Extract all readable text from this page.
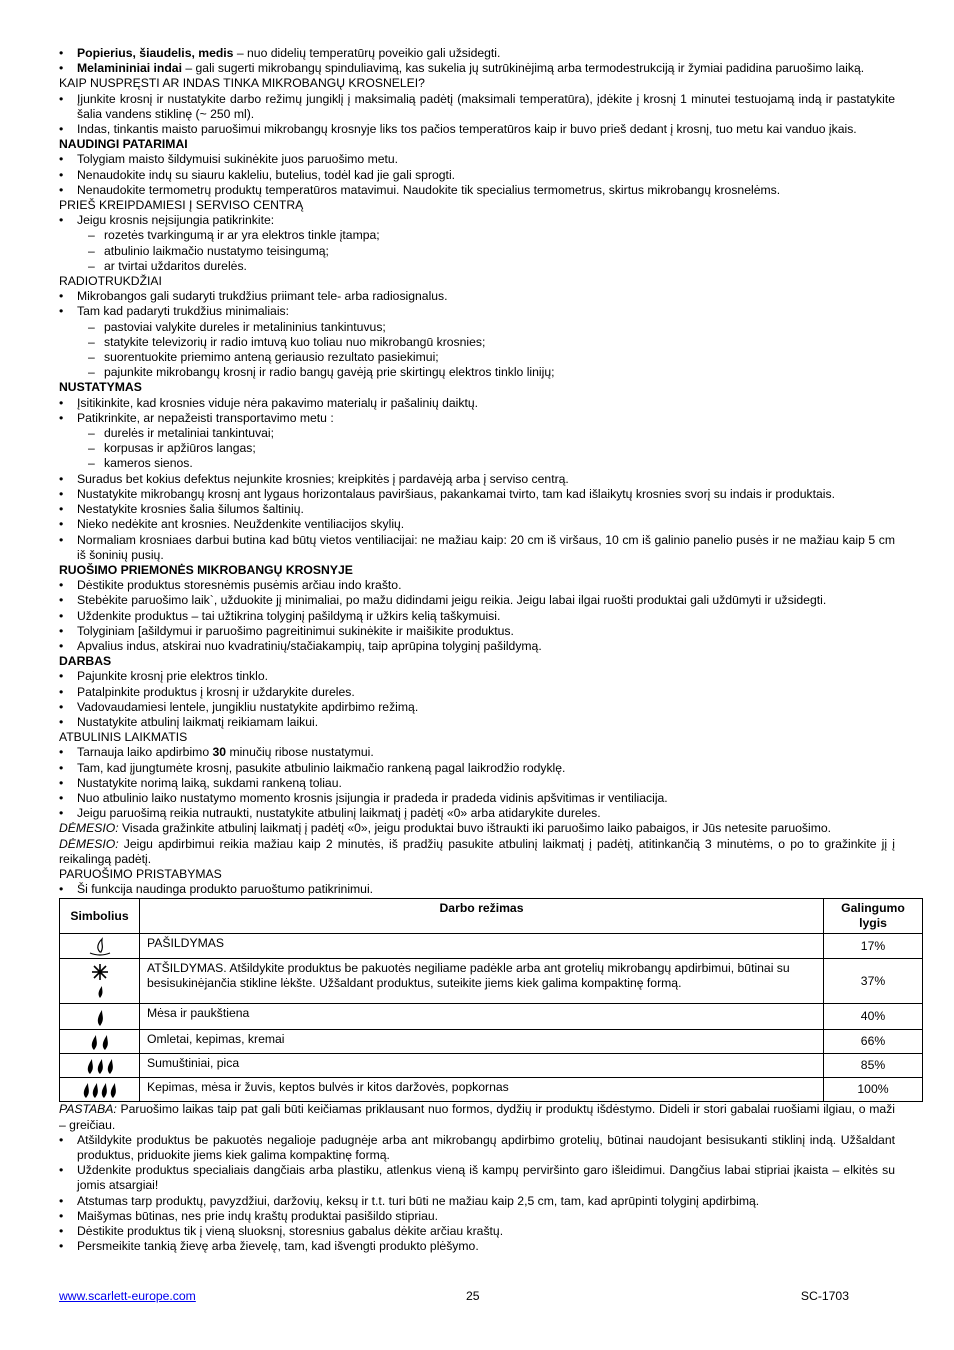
• Popierius, šiaudelis, medis – nuo didelių temperatūrų poveikio gali užsidegti.
• Melamininiai indai – gali sugerti mikrobangų spinduliavimą, kas sukelia jų sutrūkinėjimą arba termodestrukciją ir žymiai padidina paruošimo laiką.
KAIP NUSPRĘSTI AR INDAS TINKA MIKROBANGŲ KROSNELEI?
• Įjunkite krosnį ir nustatykite darbo režimų jungiklį į maksimalią padėtį (maksimali temperatūra), įdėkite į krosnį 1 minutei testuojamą indą ir pastatykite šalia vandens stiklinę (~ 250 ml).
• Indas, tinkantis maisto paruošimui mikrobangų krosnyje liks tos pačios temperatūros kaip ir buvo prieš dedant į krosnį, tuo metu kai vanduo įkais.
NAUDINGI PATARIMAI
• Tolygiam maisto šildymuisi sukinėkite juos paruošimo metu.
• Nenaudokite indų su siauru kakleliu, butelius, todėl kad jie gali sprogti.
• Nenaudokite termometrų produktų temperatūros matavimui. Naudokite tik specialius termometrus, skirtus mikrobangų krosnelėms.
PRIEŠ KREIPDAMIESI Į SERVISO CENTRĄ
• Jeigu krosnis neįsijungia patikrinkite:
– rozetės tvarkingumą ir ar yra elektros tinkle įtampa;
– atbulinio laikmačio nustatymo teisingumą;
– ar tvirtai uždaritos durelės.
RADIOTRUKDŽIAI
• Mikrobangos gali sudaryti trukdžius priimant tele- arba radiosignalus.
• Tam kad padaryti trukdžius minimaliais:
– pastoviai valykite dureles ir metalininius tankintuvus;
– statykite televizorių ir radio imtuvą kuo toliau nuo mikrobangū krosnies;
– suorentuokite priemimo anteną geriausio rezultato pasiekimui;
– pajunkite mikrobangų krosnį ir radio bangų gavėją prie skirtingų elektros tinklo linijų;
NUSTATYMAS
• Įsitikinkite, kad krosnies viduje nėra pakavimo materialų ir pašalinių daiktų.
• Patikrinkite, ar nepažeisti transportavimo metu :
– durelės ir metaliniai tankintuvai;
– korpusas ir apžiūros langas;
– kameros sienos.
• Suradus bet kokius defektus nejunkite krosnies; kreipkitės į pardavėją arba į serviso centrą.
• Nustatykite mikrobangų krosnį ant lygaus horizontalaus paviršiaus, pakankamai tvirto, tam kad išlaikytų krosnies svorį su indais ir produktais.
• Nestatykite krosnies šalia šilumos šaltinių.
• Nieko nedėkite ant krosnies. Neuždenkite ventiliacijos skylių.
• Normaliam krosniaes darbui butina kad būtų vietos ventiliacijai: ne mažiau kaip: 20 cm iš viršaus, 10 cm iš galinio panelio pusės ir ne mažiau kaip 5 cm iš šoninių pusių.
RUOŠIMO PRIEMONĖS MIKROBANGŲ KROSNYJE
• Dėstikite produktus storesnėmis pusėmis arčiau indo krašto.
• Stebėkite paruošimo laik`, užduokite jį minimaliai, po mažu didindami jeigu reikia. Jeigu labai ilgai ruošti produktai gali uždūmyti ir užsidegti.
• Uždenkite produktus – tai užtikrina tolyginį pašildymą ir užkirs kelią taškymuisi.
• Tolyginiam [ašildymui ir paruošimo pagreitinimui sukinėkite ir maišikite produktus.
• Apvalius indus, atskirai nuo kvadratinių/stačiakampių, taip aprūpina tolyginį pašildymą.
DARBAS
• Pajunkite krosnį prie elektros tinklo.
• Patalpinkite produktus į krosnį ir uždarykite dureles.
• Vadovaudamiesi lentele, jungikliu nustatykite apdirbimo režimą.
• Nustatykite atbulinį laikmatį reikiamam laikui.
ATBULINIS LAIKMATIS
• Tarnauja laiko apdirbimo 30 minučių ribose nustatymui.
• Tam, kad įjungtumėte krosnį, pasukite atbulinio laikmačio rankeną pagal laikrodžio rodyklę.
• Nustatykite norimą laiką, sukdami rankeną toliau.
• Nuo atbulinio laiko nustatymo momento krosnis įsijungia ir pradeda ir pradeda vidinis apšvitimas ir ventiliacija.
• Jeigu paruošimą reikia nutraukti, nustatykite atbulinį laikmatį į padėtį «0» arba atidarykite dureles.
DĖMESIO: Visada gražinkite atbulinį laikmatį į padėtį «0», jeigu produktai buvo ištraukti iki paruošimo laiko pabaigos, ir Jūs netesite paruošimo.
DĖMESIO: Jeigu apdirbimui reikia mažiau kaip 2 minutės, iš pradžių pasukite atbulinį laikmatį į padėtį, atitinkančią 3 minutėms, o po to gražinkite jį į reikalingą padėtį.
PARUOŠIMO PRISTABYMAS
• Ši funkcija naudinga produkto paruoštumo patikrinimui.
Simbolius	Darbo režimas	Galingumo lygis
	PAŠILDYMAS	17%
	ATŠILDYMAS. Atšildykite produktus be pakuotės negiliame padėkle arba ant grotelių mikrobangų apdirbimui, būtinai su besisukinėjančia stikline lėkšte. Užšaldant produktus, suteikite jiems kiek galima kompaktinę formą.	37%
	Mėsa ir paukštiena	40%
	Omletai, kepimas, kremai	66%
	Sumuštiniai, pica	85%
	Kepimas, mėsa ir žuvis, keptos bulvės ir kitos daržovės, popkornas	100%
PASTABA: Paruošimo laikas taip pat gali būti keičiamas priklausant nuo formos, dydžių ir produktų išdėstymo. Dideli ir stori gabalai ruošiami ilgiau, o maži – greičiau.
• Atšildykite produktus be pakuotės negalioje padugnėje arba ant mikrobangų apdirbimo grotelių, būtinai naudojant besisukanti stiklinį indą. Užšaldant produktus, priduokite jiems kiek galima kompaktinę formą.
• Uždenkite produktus specialiais dangčiais arba plastiku, atlenkus vieną iš kampų perviršinto garo išleidimui. Dangčius labai stipriai įkaista – elkitės su jomis atsargiai!
• Atstumas tarp produktų, pavyzdžiui, daržovių, keksų ir t.t. turi būti ne mažiau kaip 2,5 cm, tam, kad aprūpinti tolyginį apdirbimą.
• Maišymas būtinas, nes prie indų kraštų produktai pasišildo stipriau.
• Dėstikite produktus tik į vieną sluoksnį, storesnius gabalus dėkite arčiau kraštų.
• Persmeikite tankią žievę arba žievelę, tam, kad išvengti produkto plėšymo.
www.scarlett-europe.com	25	SC-1703
